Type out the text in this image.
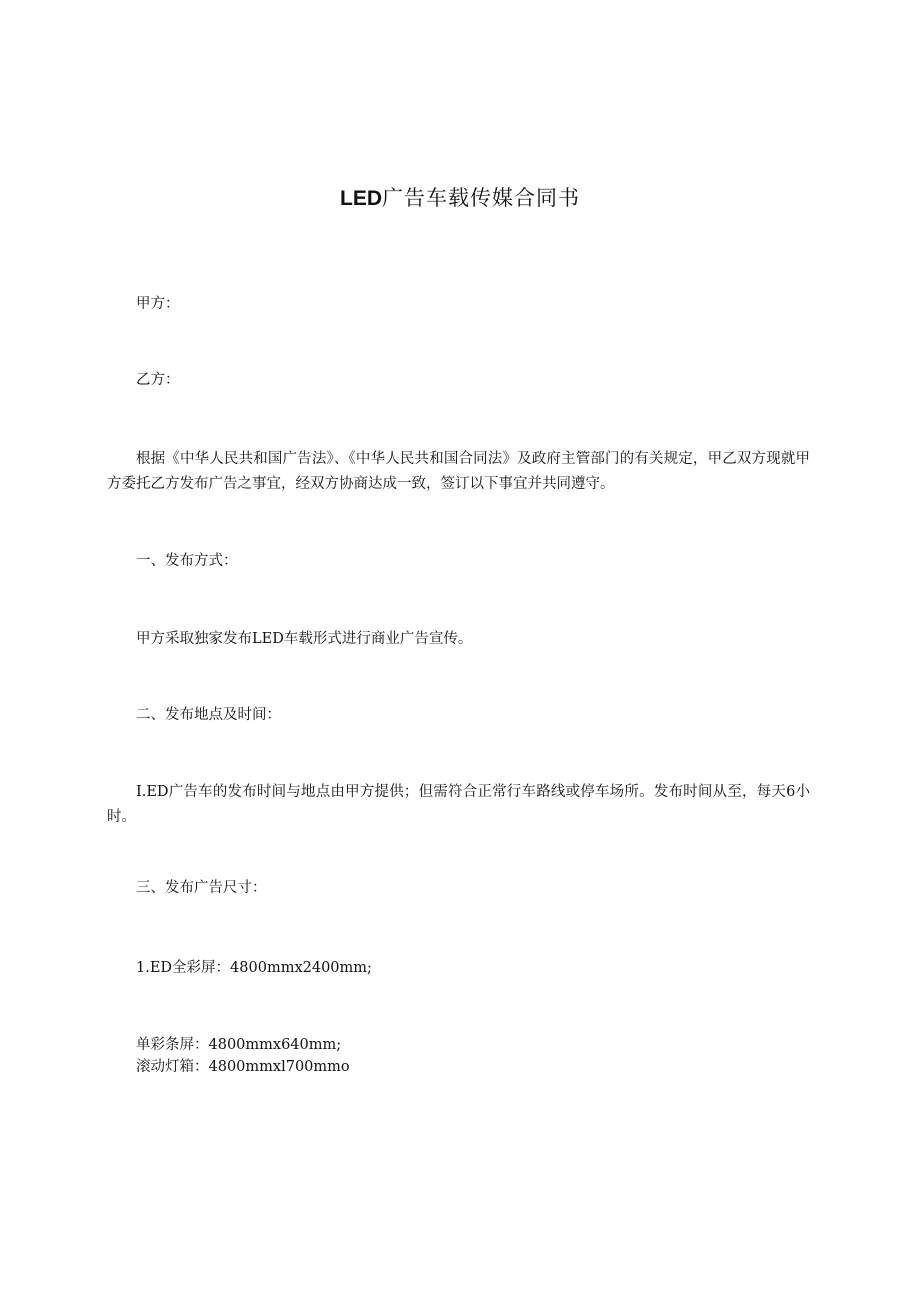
LED广告车载传媒合同书

甲方：

乙方：

根据《中华人民共和国广告法》、《中华人民共和国合同法》及政府主管部门的有关规定，甲乙双方现就甲方委托乙方发布广告之事宜，经双方协商达成一致，签订以下事宜并共同遵守。

一、发布方式：

甲方采取独家发布LED车载形式进行商业广告宣传。

二、发布地点及时间：

I.ED广告车的发布时间与地点由甲方提供；但需符合正常行车路线或停车场所。发布时间从至，每天6小时。

三、发布广告尺寸：

1.ED全彩屏：4800mmx2400mm;

单彩条屏：4800mmx640mm;

滚动灯箱：4800mmxl700mmo
